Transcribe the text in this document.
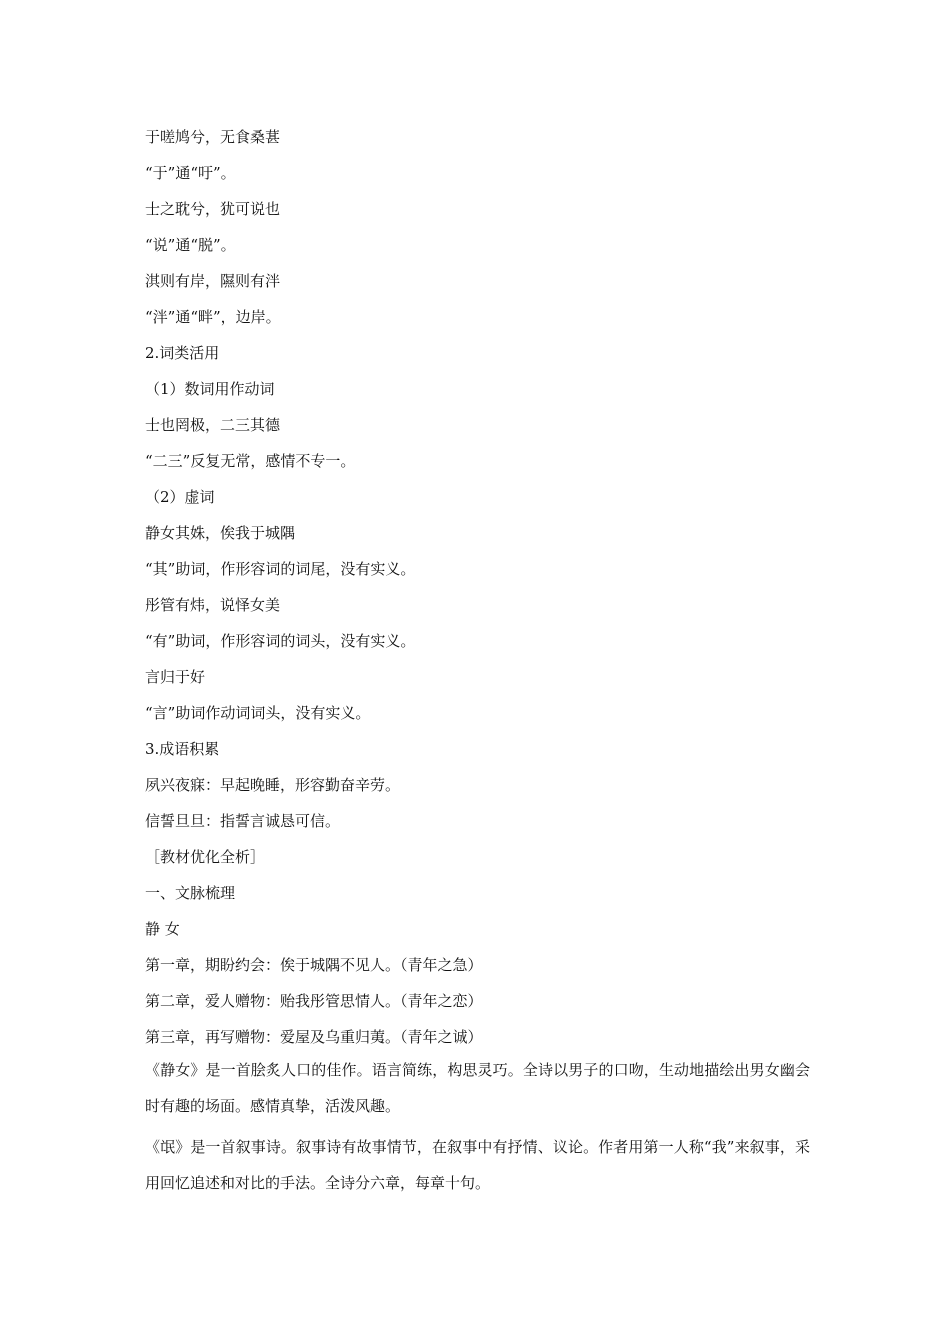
于嗟鸠兮，无食桑葚
“于”通“吁”。
士之耽兮，犹可说也
“说”通“脱”。
淇则有岸，隰则有泮
“泮”通“畔”，边岸。
2.词类活用
（1）数词用作动词
士也罔极，二三其德
“二三”反复无常，感情不专一。
（2）虚词
静女其姝，俟我于城隅
“其”助词，作形容词的词尾，没有实义。
彤管有炜，说怿女美
“有”助词，作形容词的词头，没有实义。
言归于好
“言”助词作动词词头，没有实义。
3.成语积累
夙兴夜寐：早起晚睡，形容勤奋辛劳。
信誓旦旦：指誓言诚恳可信。
［教材优化全析］
一、文脉梳理
静 女
第一章，期盼约会：俟于城隅不见人。（青年之急）
第二章，爱人赠物：贻我彤管思情人。（青年之恋）
第三章，再写赠物：爱屋及乌重归荑。（青年之诚）
《静女》是一首脍炙人口的佳作。语言简练，构思灵巧。全诗以男子的口吻，生动地描绘出男女幽会时有趣的场面。感情真挚，活泼风趣。
《氓》是一首叙事诗。叙事诗有故事情节，在叙事中有抒情、议论。作者用第一人称“我”来叙事，采用回忆追述和对比的手法。全诗分六章，每章十句。
